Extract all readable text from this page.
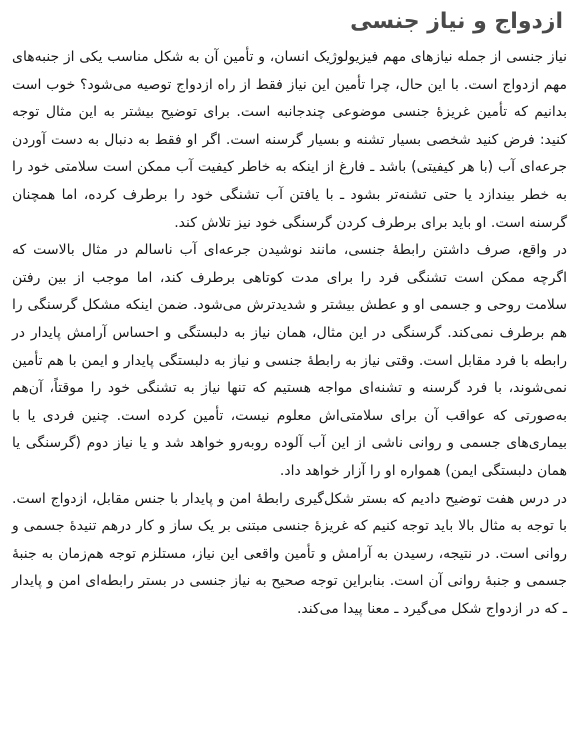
ازدواج و نیاز جنسی

نیاز جنسی از جمله نیازهای مهم فیزیولوژیک انسان، و تأمین آن به شکل مناسب یکی از جنبه‌های مهم ازدواج است. با این حال، چرا تأمین این نیاز فقط از راه ازدواج توصیه می‌شود؟ خوب است بدانیم که تأمین غریزهٔ جنسی موضوعی چندجانبه است. برای توضیح بیشتر به این مثال توجه کنید: فرض کنید شخصی بسیار تشنه و بسیار گرسنه است. اگر او فقط به دنبال به دست آوردن جرعه‌ای آب (با هر کیفیتی) باشد ـ فارغ از اینکه به خاطر کیفیت آب ممکن است سلامتی خود را به خطر بیندازد یا حتی تشنه‌تر بشود ـ با یافتن آب تشنگی خود را برطرف کرده، اما همچنان گرسنه است. او باید برای برطرف کردن گرسنگی خود نیز تلاش کند.

در واقع، صرف داشتن رابطهٔ جنسی، مانند نوشیدن جرعه‌ای آب ناسالم در مثال بالاست که اگرچه ممکن است تشنگی فرد را برای مدت کوتاهی برطرف کند، اما موجب از بین رفتن سلامت روحی و جسمی او و عطش بیشتر و شدیدترش می‌شود. ضمن اینکه مشکل گرسنگی را هم برطرف نمی‌کند. گرسنگی در این مثال، همان نیاز به دلبستگی و احساس آرامش پایدار در رابطه با فرد مقابل است. وقتی نیاز به رابطهٔ جنسی و نیاز به دلبستگی پایدار و ایمن با هم تأمین نمی‌شوند، با فرد گرسنه و تشنه‌ای مواجه هستیم که تنها نیاز به تشنگی خود را موقتاً، آن‌هم به‌صورتی که عواقب آن برای سلامتی‌اش معلوم نیست، تأمین کرده است. چنین فردی یا با بیماری‌های جسمی و روانی ناشی از این آب آلوده روبه‌رو خواهد شد و یا نیاز دوم (گرسنگی یا همان دلبستگی ایمن) همواره او را آزار خواهد داد.

در درس هفت توضیح دادیم که بستر شکل‌گیری رابطهٔ امن و پایدار با جنس مقابل، ازدواج است. با توجه به مثال بالا باید توجه کنیم که غریزهٔ جنسی مبتنی بر یک ساز و کار درهم تنیدهٔ جسمی و روانی است. در نتیجه، رسیدن به آرامش و تأمین واقعی این نیاز، مستلزم توجه هم‌زمان به جنبهٔ جسمی و جنبهٔ روانی آن است. بنابراین توجه صحیح به نیاز جنسی در بستر رابطه‌ای امن و پایدار ـ که در ازدواج شکل می‌گیرد ـ معنا پیدا می‌کند.
